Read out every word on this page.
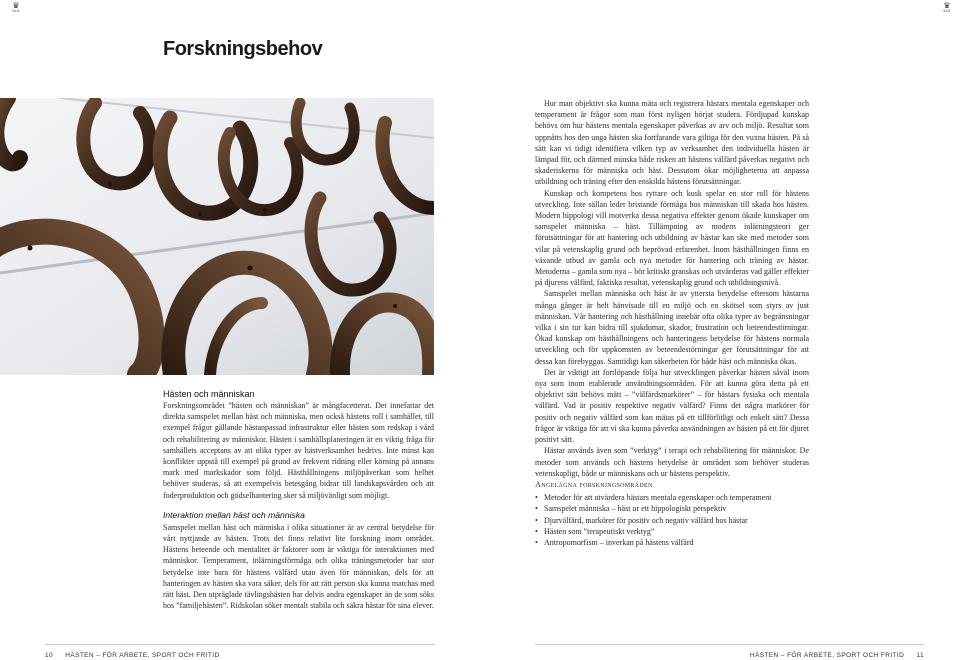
♛
SLU
♛
SLU
Forskningsbehov
Hästen och människan

Forskningsområdet ”hästen och människan” är mångfacetterat. Det innefattar det direkta samspelet mellan häst och människa, men också hästens roll i samhället, till exempel frågor gällande hästanpassad infrastruktur eller hästen som redskap i vård och rehabilitering av människor. Hästen i samhällsplaneringen är en viktig fråga för samhällets acceptans av att olika typer av hästverksamhet bedrivs. Inte minst kan konflikter uppstå till exempel på grund av frekvent ridning eller körning på annans mark med markskador som följd. Hästhållningens miljöpåverkan som helhet behöver studeras, så att exempelvis betesgång bidrar till landskapsvården och att foderproduktion och gödselhantering sker så miljövänligt som möjligt.

Interaktion mellan häst och människa

Samspelet mellan häst och människa i olika situationer är av central betydelse för vårt nyttjande av hästen. Trots det finns relativt lite forskning inom området. Hästens beteende och mentalitet är faktorer som är viktiga för interaktionen med människor. Temperament, inlärningsförmåga och olika träningsmetoder har stor betydelse inte bara för hästens välfärd utan även för människan, dels för att hanteringen av hästen ska vara säker, dels för att rätt person ska kunna matchas med rätt häst. Den utpräglade tävlingshästen har delvis andra egenskaper än de som söks hos ”familjehästen”. Ridskolan söker mentalt stabila och säkra hästar för sina elever.

Hur man objektivt ska kunna mäta och registrera hästars mentala egenskaper och temperament är frågor som man först nyligen börjat studera. Fördjupad kunskap behövs om hur hästens mentala egenskaper påverkas av arv och miljö. Resultat som uppnåtts hos den unga hästen ska fortfarande vara giltiga för den vuxna hästen. På så sätt kan vi tidigt identifiera vilken typ av verksamhet den individuella hästen är lämpad för, och därmed minska både risken att hästens välfärd påverkas negativt och skaderiskerna för människa och häst. Dessutom ökar möjligheterna att anpassa utbildning och träning efter den enskilda hästens förutsättningar.

Kunskap och kompetens hos ryttare och kusk spelar en stor roll för hästens utveckling. Inte sällan leder bristande förmåga hos människan till skada hos hästen. Modern hippologi vill motverka dessa negativa effekter genom ökade kunskaper om samspelet människa – häst. Tillämpning av modern inlärningsteori ger förutsättningar för att hantering och utbildning av hästar kan ske med metoder som vilar på vetenskaplig grund och beprövad erfarenhet. Inom hästhållningen finns en växande utbud av gamla och nya metoder för hantering och träning av hästar. Metoderna – gamla som nya – bör kritiskt granskas och utvärderas vad gäller effekter på djurens välfärd, faktiska resultat, vetenskaplig grund och utbildningsnivå.

Samspelet mellan människa och häst är av yttersta betydelse eftersom hästarna många gånger är helt hänvisade till en miljö och en skötsel som styrs av just människan. Vår hantering och hästhållning innebär ofta olika typer av begränsningar vilka i sin tur kan bidra till sjukdomar, skador, frustration och beteendestörningar. Ökad kunskap om hästhållningens och hanteringens betydelse för hästens normala utveckling och för uppkomsten av beteendestörningar ger förutsättningar för att dessa kan förebyggas. Samtidigt kan säkerheten för både häst och människa ökas.

Det är viktigt att fortlöpande följa hur utvecklingen påverkar hästen såväl inom nya som inom etablerade användningsområden. För att kunna göra detta på ett objektivt sätt behövs mätt – ”välfärdsmarkörer” – för hästars fysiska och mentala välfärd. Vad är positiv respektive negativ välfärd? Finns det några markörer för positiv och negativ välfärd som kan mätas på ett tillförlitligt och enkelt sätt? Dessa frågor är viktiga för att vi ska kunna påverka användningen av hästen på ett för djuret positivt sätt.

Hästar används även som ”verktyg” i terapi och rehabilitering för människor. De metoder som används och hästens betydelse är områden som behöver studeras vetenskapligt, både ur människans och ur hästens perspektiv.

Angelägna forskningsområden

• Metoder för att utvärdera hästars mentala egenskaper och temperament
• Samspelet människa – häst ur ett hippologiskt perspektiv
• Djurvälfärd, markörer för positiv och negativ välfärd hos hästar
• Hästen som ”terapeutiskt verktyg”
• Antropomorfism – inverkan på hästens välfärd
10 HÄSTEN – FÖR ARBETE, SPORT OCH FRITID	HÄSTEN – FÖR ARBETE, SPORT OCH FRITID 11
